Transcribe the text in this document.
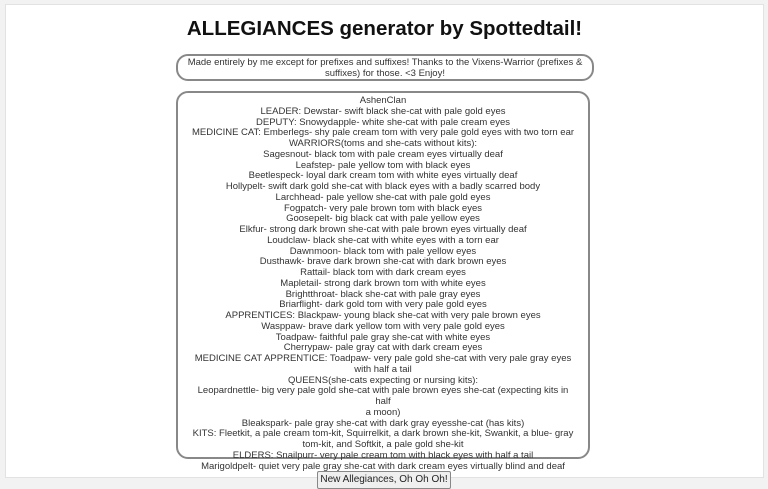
ALLEGIANCES generator by Spottedtail!
Made entirely by me except for prefixes and suffixes! Thanks to the Vixens-Warrior (prefixes &
suffixes) for those. <3 Enjoy!
AshenClan
LEADER: Dewstar- swift black she-cat with pale gold eyes
DEPUTY: Snowydapple- white she-cat with pale cream eyes
MEDICINE CAT: Emberlegs- shy pale cream tom with very pale gold eyes with two torn ear
WARRIORS(toms and she-cats without kits):
Sagesnout- black tom with pale cream eyes virtually deaf
Leafstep- pale yellow tom with black eyes
Beetlespeck- loyal dark cream tom with white eyes virtually deaf
Hollypelt- swift dark gold she-cat with black eyes with a badly scarred body
Larchhead- pale yellow she-cat with pale gold eyes
Fogpatch- very pale brown tom with black eyes
Goosepelt- big black cat with pale yellow eyes
Elkfur- strong dark brown she-cat with pale brown eyes virtually deaf
Loudclaw- black she-cat with white eyes with a torn ear
Dawnmoon- black tom with pale yellow eyes
Dusthawk- brave dark brown she-cat with dark brown eyes
Rattail- black tom with dark cream eyes
Mapletail- strong dark brown tom with white eyes
Brightthroat- black she-cat with pale gray eyes
Briarflight- dark gold tom with very pale gold eyes
APPRENTICES: Blackpaw- young black she-cat with very pale brown eyes
Wasppaw- brave dark yellow tom with very pale gold eyes
Toadpaw- faithful pale gray she-cat with white eyes
Cherrypaw- pale gray cat with dark cream eyes
MEDICINE CAT APPRENTICE: Toadpaw- very pale gold she-cat with very pale gray eyes
with half a tail
QUEENS(she-cats expecting or nursing kits):
Leopardnettle- big very pale gold she-cat with pale brown eyes she-cat (expecting kits in half
a moon)
Bleakspark- pale gray she-cat with dark gray eyesshe-cat (has kits)
KITS: Fleetkit, a pale cream tom-kit, Squirrelkit, a dark brown she-kit, Swankit, a blue- gray
tom-kit, and Softkit, a pale gold she-kit
ELDERS: Snailpurr- very pale cream tom with black eyes with half a tail
Marigoldpelt- quiet very pale gray she-cat with dark cream eyes virtually blind and deaf
New Allegiances, Oh Oh Oh!
